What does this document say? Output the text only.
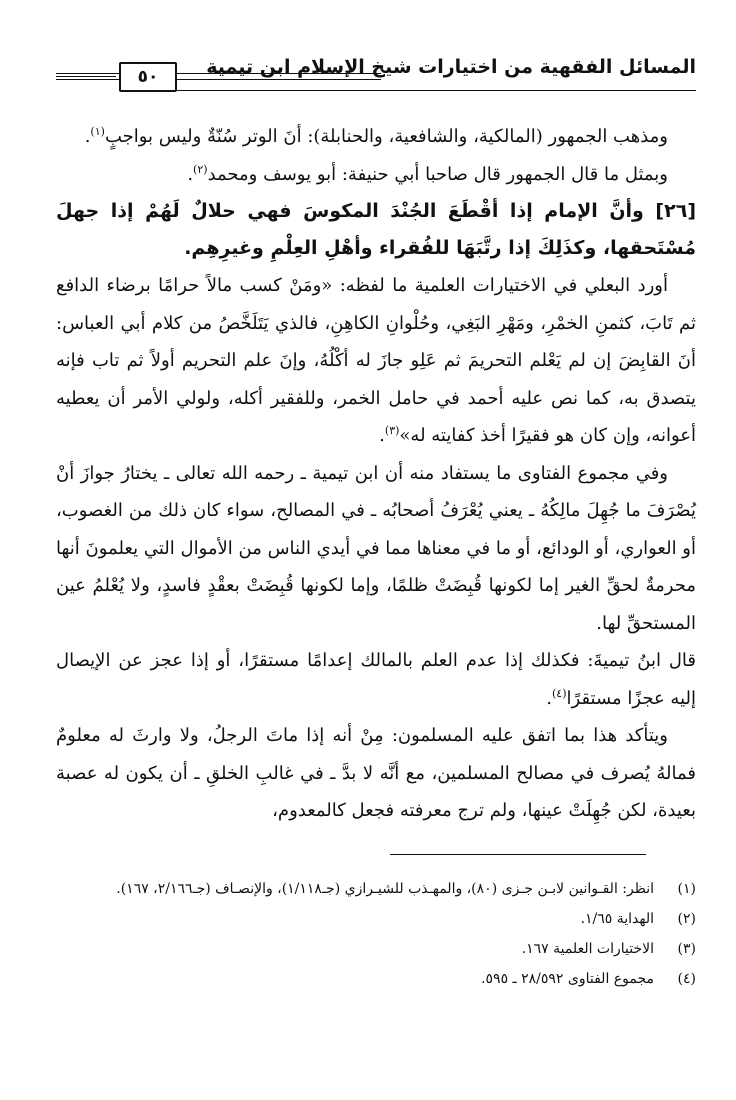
المسائل الفقهية من اختيارات شيخ الإسلام ابن تيمية
٥٠

ومذهب الجمهور (المالكية، والشافعية، والحنابلة): أنَ الوتر سُنّةٌ وليس بواجبٍ$^{(١)}$.

وبمثل ما قال الجمهور قال صاحبا أبي حنيفة: أبو يوسف ومحمد$^{(٢)}$.

[٢٦] وأنَّ الإمام إذا أقْطَعَ الجُنْدَ المكوسَ فهي حلالٌ لَهُمْ إذا جهلَ مُسْتَحقها، وكذَلِكَ إذا رتَّبَهَا للفُقراء وأهْلِ العِلْمِ وغيرِهِم.

أورد البعلي في الاختيارات العلمية ما لفظه: «ومَنْ كسب مالاً حرامًا برضاء الدافع ثم تَابَ، كثمنِ الخمْرِ، ومَهْرِ البَغِي، وحُلْوانِ الكاهِنِ، فالذي يَتَلَخَّصُ من كلام أبي العباس: أنَ القابِضَ إن لم يَعْلم التحريمَ ثم عَلِو جازَ له أكْلُهُ، وإنَ علم التحريم أولاً ثم تاب فإنه يتصدق به، كما نص عليه أحمد في حامل الخمر، وللفقير أكله، ولولي الأمر أن يعطيه أعوانه، وإن كان هو فقيرًا أخذ كفايته له»$^{(٣)}$.

وفي مجموع الفتاوى ما يستفاد منه أن ابن تيمية ـ رحمه الله تعالى ـ يختارُ جوازَ أنْ يُصْرَفَ ما جُهِلَ مالِكُهُ ـ يعني يُعْرَفُ أصحابُه ـ في المصالح، سواء كان ذلك من الغصوب، أو العواري، أو الودائع، أو ما في معناها مما في أيدي الناس من الأموال التي يعلمونَ أنها محرمةٌ لحقِّ الغير إما لكونها قُبِضَتْ ظلمًا، وإما لكونها قُبِضَتْ بعقْدٍ فاسدٍ، ولا يُعْلمُ عين المستحقِّ لها.

قال ابنُ تيميةَ: فكذلك إذا عدم العلم بالمالك إعدامًا مستقرًا، أو إذا عجز عن الإيصال إليه عجزًا مستقرًا$^{(٤)}$.

ويتأكد هذا بما اتفق عليه المسلمون: مِنْ أنه إذا ماتَ الرجلُ، ولا وارثَ له معلومٌ فمالهُ يُصرف في مصالح المسلمين، مع أنَّه لا بدَّ ـ في غالبِ الخلقِ ـ أن يكون له عصبة بعيدة، لكن جُهِلَتْ عينها، ولم ترج معرفته فجعل كالمعدوم،

(١)
انظر: القـوانين لابـن جـزى (٨٠)، والمهـذب للشيـرازي (جـ١/١١٨)، والإنصـاف (جـ٢/١٦٦، ١٦٧).
(٢)
الهداية ١/٦٥.
(٣)
الاختيارات العلمية ١٦٧.
(٤)
مجموع الفتاوى ٢٨/٥٩٢ ـ ٥٩٥.
